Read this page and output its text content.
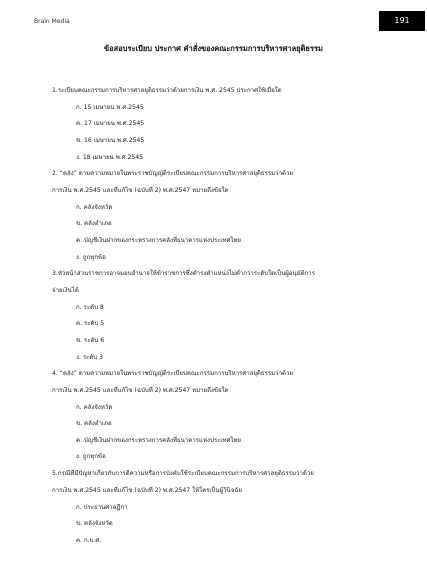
Brain Media	191
ข้อสอบระเบียบ ประกาศ คำสั่งของคณะกรรมการบริหารศาลยุติธรรม
1.ระเบียบคณะกรรมการบริหารศาลยุติธรรมว่าด้วยการเงิน พ.ศ. 2545 ประกาศใช้เมื่อใด
ก. 15 เมษายน พ.ศ.2545
ค. 17 เมษายน พ.ศ.2545
ข. 16 เมษายน พ.ศ.2545
ง. 18 เมษายน พ.ศ.2545
2. “คลัง” ตามความหมายในพระราชบัญญัติระเบียบคณะกรรมการบริหารศาลยุติธรรมว่าด้วย
การเงิน พ.ศ.2545 และที่แก้ไข (ฉบับที่ 2) พ.ศ.2547 หมายถึงข้อใด
ก. คลังจังหวัด
ข. คลังอำเภอ
ค. บัญชีเงินฝากของกระทรวงการคลังที่ธนาคารแห่งประเทศไทย
ง. ถูกทุกข้อ
3.หัวหน้าส่วนราชการอาจมอบอำนาจให้ข้าราชการซึ่งดำรงตำแหน่งไม่ต่ำกว่าระดับใดเป็นผู้อนุมัติการ
จ่ายเงินได้
ก. ระดับ 8
ค. ระดับ 5
ข. ระดับ 6
ง. ระดับ 3
4. “คลัง” ตามความหมายในพระราชบัญญัติระเบียบคณะกรรมการบริหารศาลยุติธรรมว่าด้วย
การเงิน พ.ศ.2545 และที่แก้ไข (ฉบับที่ 2) พ.ศ.2547 หมายถึงข้อใด
ก. คลังจังหวัด
ข. คลังอำเภอ
ค. บัญชีเงินฝากของกระทรวงการคลังที่ธนาคารแห่งประเทศไทย
ง. ถูกทุกข้อ
5.กรณีที่มีปัญหาเกี่ยวกับการตีความหรือการบังคับใช้ระเบียบคณะกรรมการบริหารศาลยุติธรรมว่าด้วย
การเงิน พ.ศ.2545 และที่แก้ไข (ฉบับที่ 2) พ.ศ.2547 ให้ใครเป็นผู้วินิจฉัย
ก. ประธานศาลฎีกา
ข. คลังจังหวัด
ค. ก.บ.ศ.
